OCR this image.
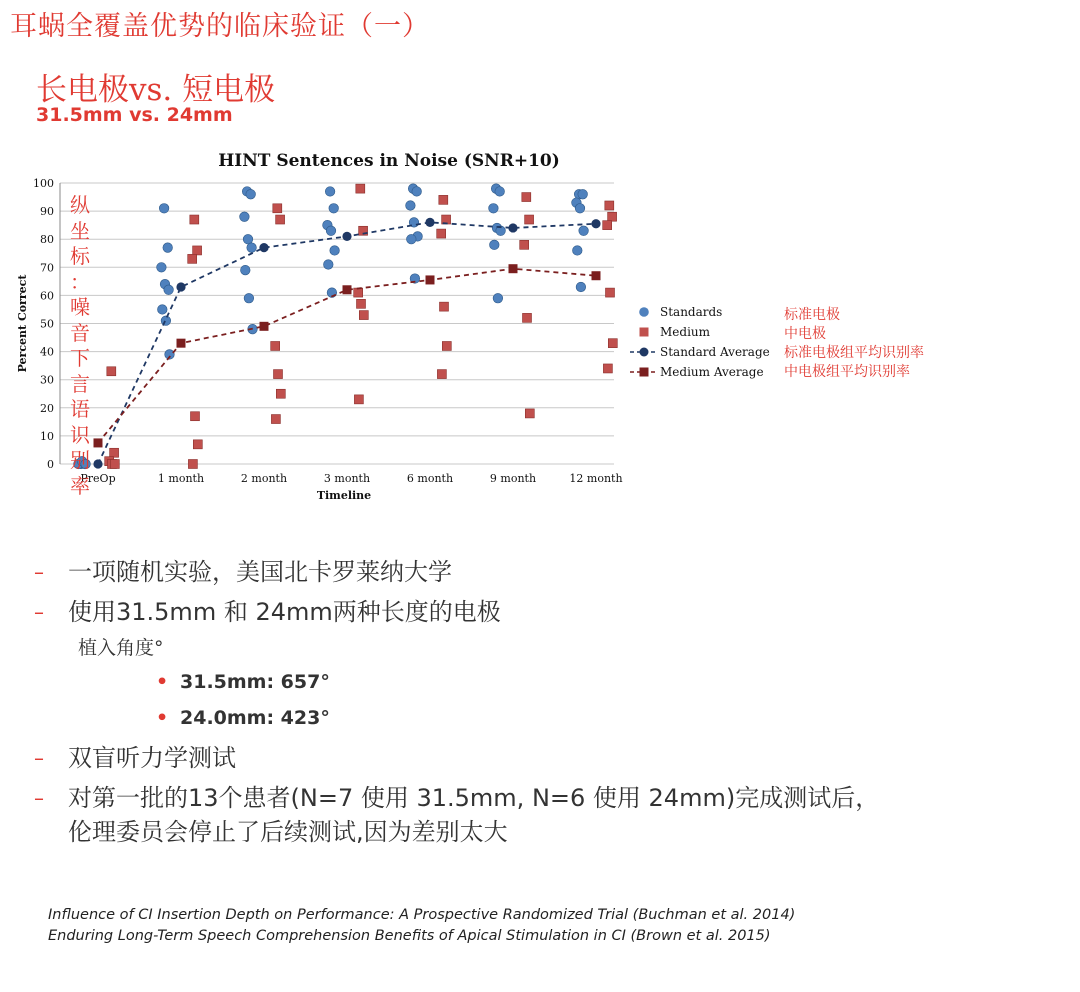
耳蜗全覆盖优势的临床验证（一）
长电极vs. 短电极
31.5mm vs. 24mm
HINT Sentences in Noise (SNR+10)
0
10
20
30
40
50
60
70
80
90
100
PreOp	1 month	2 month	3 month	6 month	9 month	12 month
Timeline
Percent Correct	Standards
Medium
Standard Average
Medium Average
纵
坐
标
：
噪
音
下
言
语
识
别
率
标准电极
中电极
标准电极组平均识别率
中电极组平均识别率
– 一项随机实验，美国北卡罗莱纳大学
– 使用31.5mm 和 24mm两种长度的电极
植入角度°
• 31.5mm: 657°
• 24.0mm: 423°
– 双盲听力学测试
– 对第一批的13个患者(N=7 使用 31.5mm, N=6 使用 24mm)完成测试后，伦理委员会停止了后续测试,因为差别太大
Influence of CI Insertion Depth on Performance: A Prospective Randomized Trial (Buchman et al. 2014)
Enduring Long-Term Speech Comprehension Benefits of Apical Stimulation in CI (Brown et al. 2015)
